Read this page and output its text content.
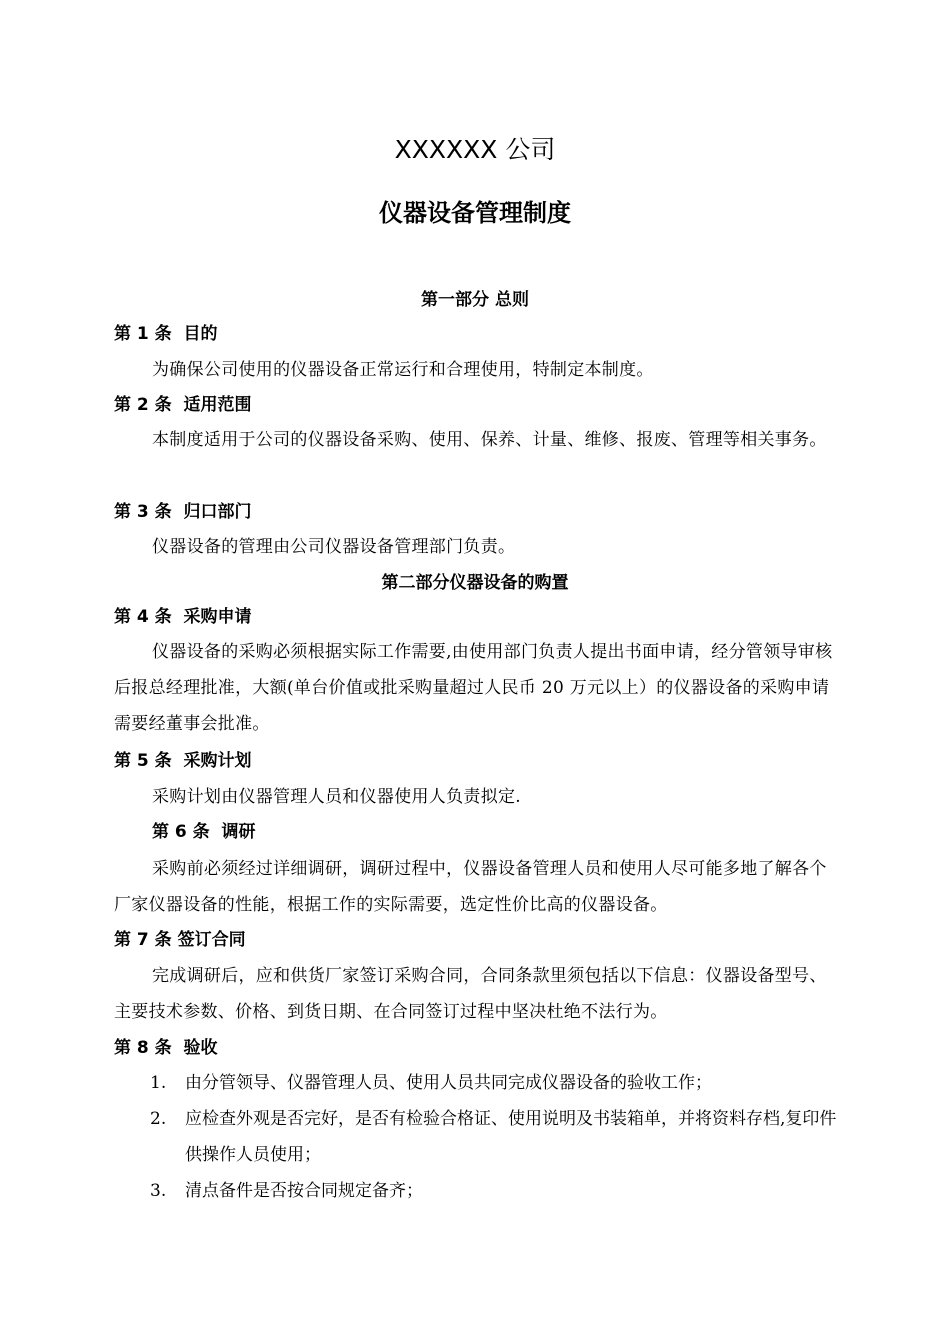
XXXXXX 公司
仪器设备管理制度
第一部分 总则
第 1 条  目的
为确保公司使用的仪器设备正常运行和合理使用，特制定本制度。
第 2 条  适用范围
本制度适用于公司的仪器设备采购、使用、保养、计量、维修、报废、管理等相关事务。
第 3 条  归口部门
仪器设备的管理由公司仪器设备管理部门负责。
第二部分仪器设备的购置
第 4 条  采购申请
仪器设备的采购必须根据实际工作需要,由使用部门负责人提出书面申请，经分管领导审核后报总经理批准，大额(单台价值或批采购量超过人民币 20 万元以上）的仪器设备的采购申请需要经董事会批准。
第 5 条  采购计划
采购计划由仪器管理人员和仪器使用人负责拟定.
第 6 条  调研
采购前必须经过详细调研，调研过程中，仪器设备管理人员和使用人尽可能多地了解各个厂家仪器设备的性能，根据工作的实际需要，选定性价比高的仪器设备。
第 7 条 签订合同
完成调研后，应和供货厂家签订采购合同，合同条款里须包括以下信息：仪器设备型号、主要技术参数、价格、到货日期、在合同签订过程中坚决杜绝不法行为。
第 8 条  验收
1.	由分管领导、仪器管理人员、使用人员共同完成仪器设备的验收工作；
2.	应检查外观是否完好，是否有检验合格证、使用说明及书装箱单，并将资料存档,复印件供操作人员使用；
3.	清点备件是否按合同规定备齐；
